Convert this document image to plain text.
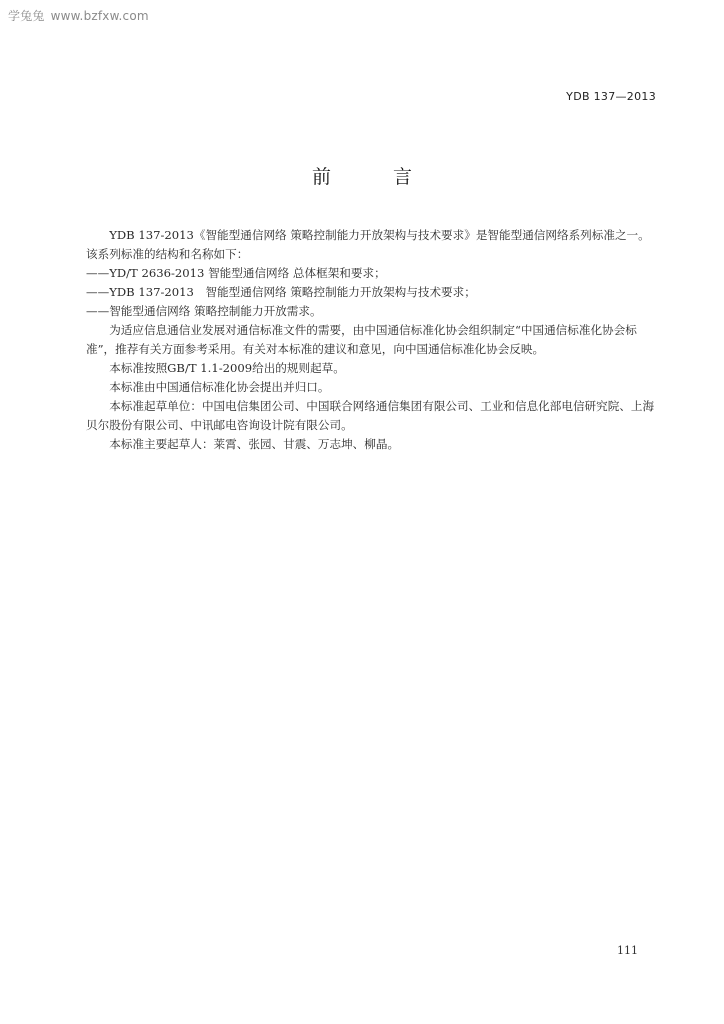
学兔兔 www.bzfxw.com
YDB 137—2013
前 言

YDB 137-2013《智能型通信网络 策略控制能力开放架构与技术要求》是智能型通信网络系列标准之一。该系列标准的结构和名称如下：

——YD/T 2636-2013 智能型通信网络 总体框架和要求；

——YDB 137-2013　智能型通信网络 策略控制能力开放架构与技术要求；

——智能型通信网络 策略控制能力开放需求。

为适应信息通信业发展对通信标准文件的需要，由中国通信标准化协会组织制定“中国通信标准化协会标准”，推荐有关方面参考采用。有关对本标准的建议和意见，向中国通信标准化协会反映。

本标准按照GB/T 1.1-2009给出的规则起草。

本标准由中国通信标准化协会提出并归口。

本标准起草单位：中国电信集团公司、中国联合网络通信集团有限公司、工业和信息化部电信研究院、上海贝尔股份有限公司、中讯邮电咨询设计院有限公司。

本标准主要起草人：莱霄、张园、甘震、万志坤、柳晶。

111
